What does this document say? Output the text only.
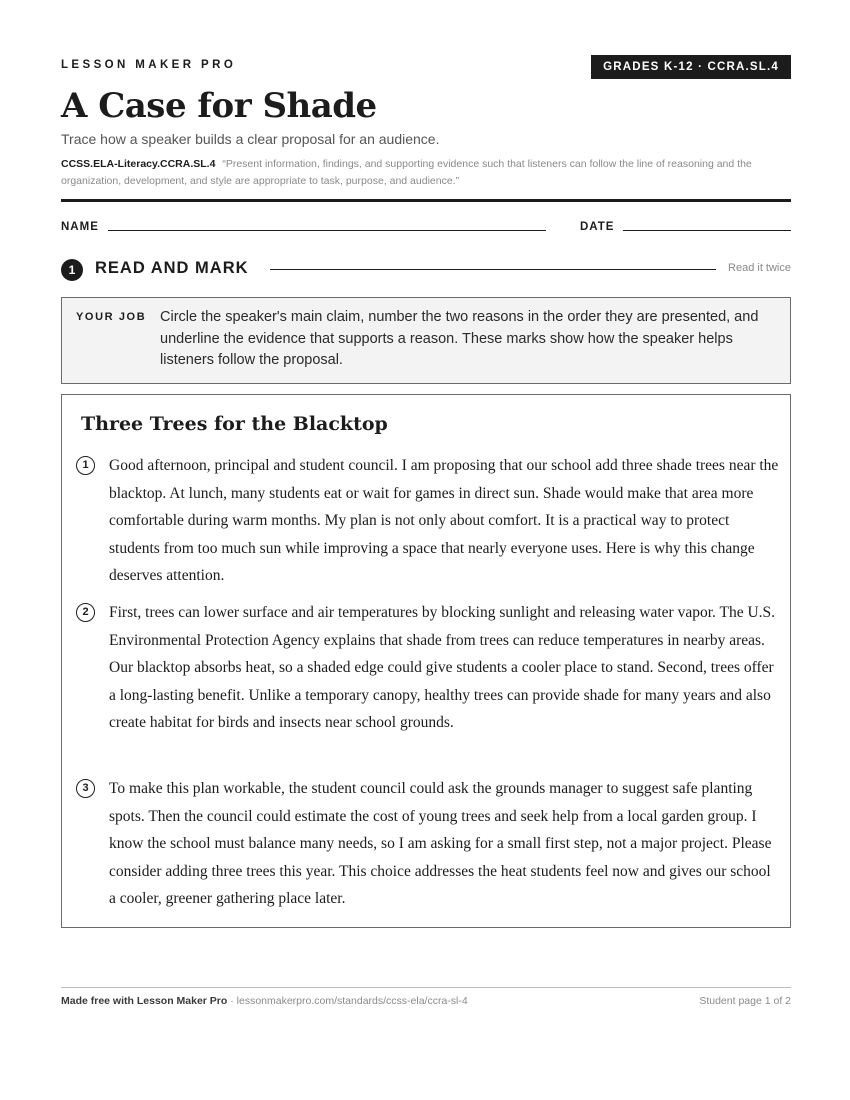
LESSON MAKER PRO	GRADES K-12 · CCRA.SL.4
A Case for Shade
Trace how a speaker builds a clear proposal for an audience.
CCSS.ELA-Literacy.CCRA.SL.4 “Present information, findings, and supporting evidence such that listeners can follow the line of reasoning and the organization, development, and style are appropriate to task, purpose, and audience.”
NAME	DATE
1	READ AND MARK	Read it twice
YOUR JOB Circle the speaker's main claim, number the two reasons in the order they are presented, and underline the evidence that supports a reason. These marks show how the speaker helps listeners follow the proposal.
Three Trees for the Blacktop
1	Good afternoon, principal and student council. I am proposing that our school add three shade trees near the blacktop. At lunch, many students eat or wait for games in direct sun. Shade would make that area more comfortable during warm months. My plan is not only about comfort. It is a practical way to protect students from too much sun while improving a space that nearly everyone uses. Here is why this change deserves attention.
2	First, trees can lower surface and air temperatures by blocking sunlight and releasing water vapor. The U.S. Environmental Protection Agency explains that shade from trees can reduce temperatures in nearby areas. Our blacktop absorbs heat, so a shaded edge could give students a cooler place to stand. Second, trees offer a long-lasting benefit. Unlike a temporary canopy, healthy trees can provide shade for many years and also create habitat for birds and insects near school grounds.
3	To make this plan workable, the student council could ask the grounds manager to suggest safe planting spots. Then the council could estimate the cost of young trees and seek help from a local garden group. I know the school must balance many needs, so I am asking for a small first step, not a major project. Please consider adding three trees this year. This choice addresses the heat students feel now and gives our school a cooler, greener gathering place later.
Made free with Lesson Maker Pro · lessonmakerpro.com/standards/ccss-ela/ccra-sl-4	Student page 1 of 2
